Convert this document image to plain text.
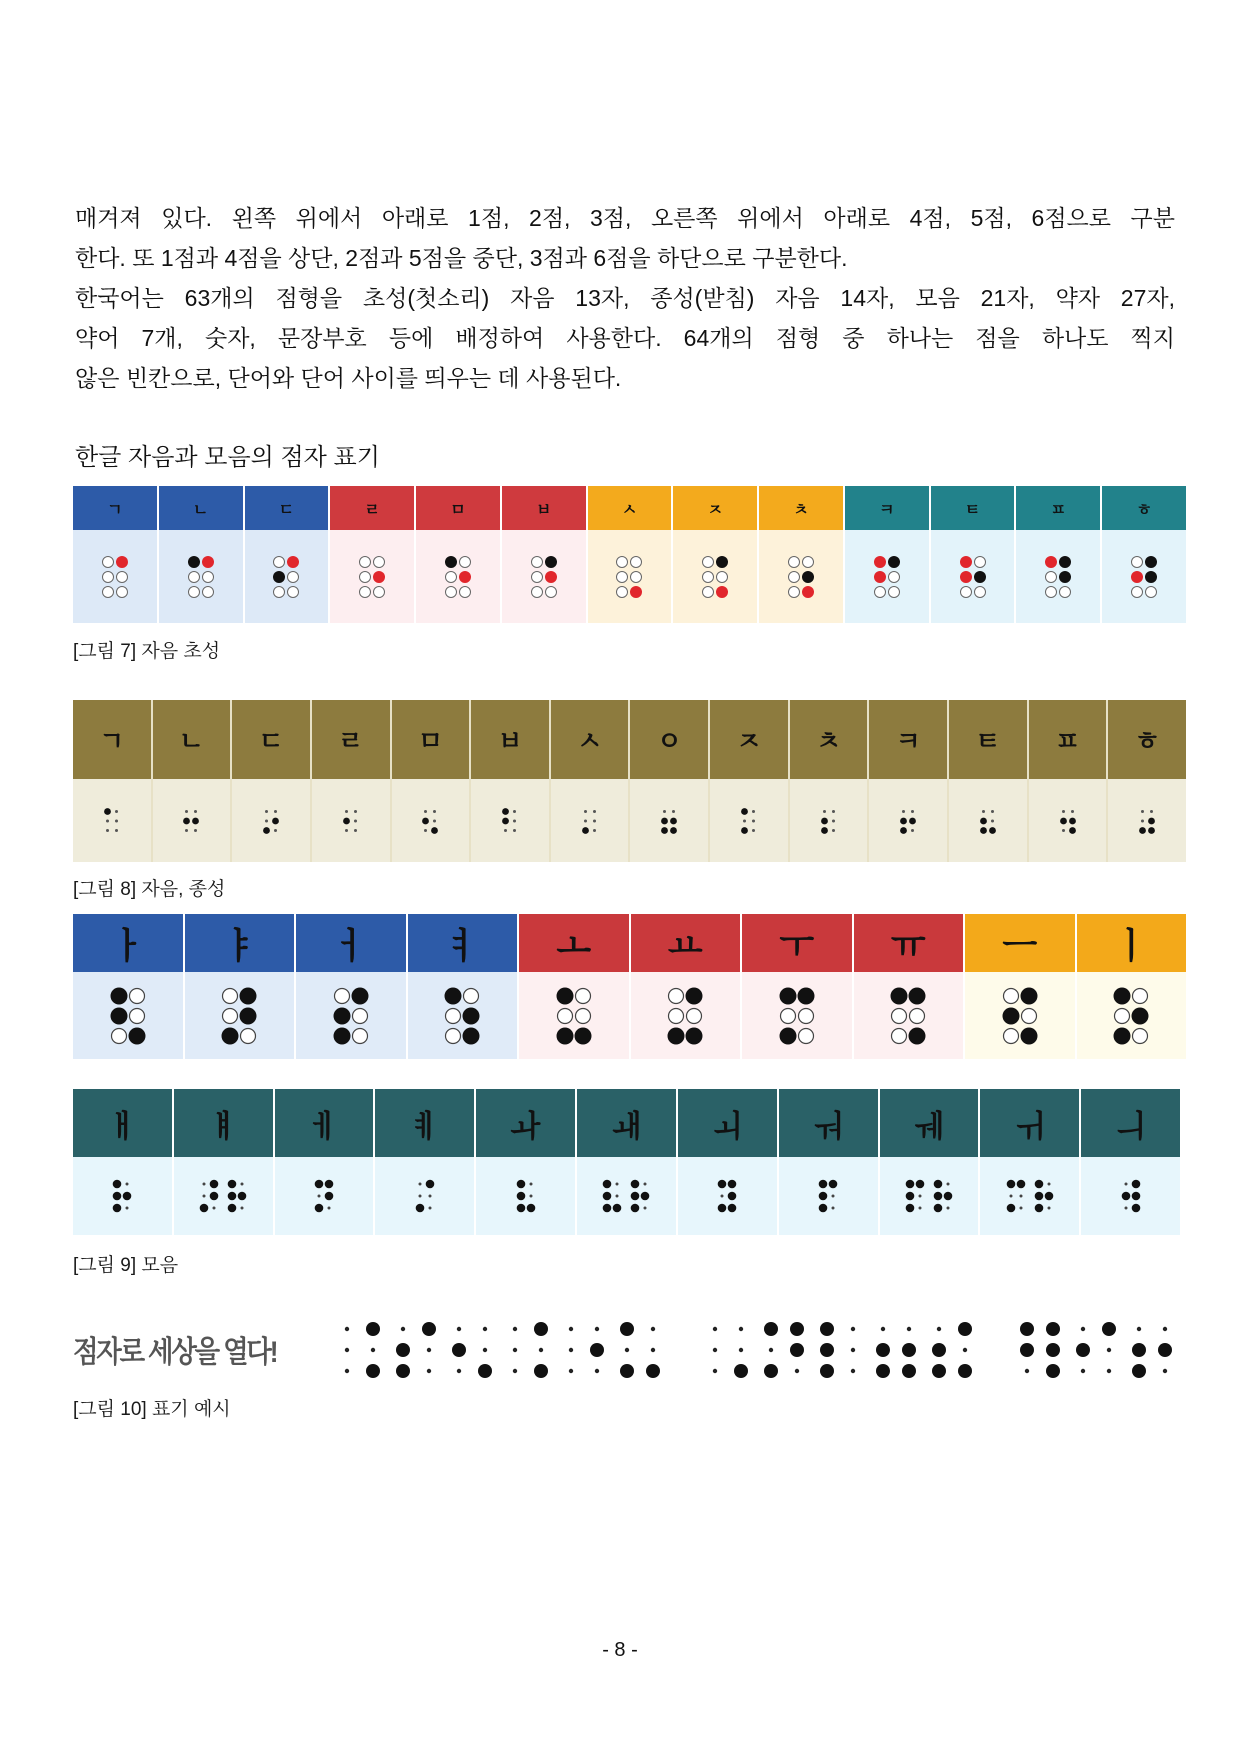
매겨져 있다. 왼쪽 위에서 아래로 1점, 2점, 3점, 오른쪽 위에서 아래로 4점, 5점, 6점으로 구분
한다. 또 1점과 4점을 상단, 2점과 5점을 중단, 3점과 6점을 하단으로 구분한다.
한국어는 63개의 점형을 초성(첫소리) 자음 13자, 종성(받침) 자음 14자, 모음 21자, 약자 27자,
약어 7개, 숫자, 문장부호 등에 배정하여 사용한다. 64개의 점형 중 하나는 점을 하나도 찍지
않은 빈칸으로, 단어와 단어 사이를 띄우는 데 사용된다.
한글 자음과 모음의 점자 표기
ㄱ	ㄴ	ㄷ	ㄹ	ㅁ	ㅂ	ㅅ	ㅈ	ㅊ	ㅋ	ㅌ	ㅍ	ㅎ
[그림 7] 자음 초성
ㄱ	ㄴ	ㄷ	ㄹ	ㅁ	ㅂ	ㅅ	ㅇ	ㅈ	ㅊ	ㅋ	ㅌ	ㅍ	ㅎ
[그림 8] 자음, 종성
ㅏ	ㅑ	ㅓ	ㅕ	ㅗ	ㅛ	ㅜ	ㅠ	ㅡ	ㅣ
ㅐ	ㅒ	ㅔ	ㅖ	ㅘ	ㅙ	ㅚ	ㅝ	ㅞ	ㅟ	ㅢ
[그림 9] 모음
점자로 세상을 열다!
[그림 10] 표기 예시
- 8 -
